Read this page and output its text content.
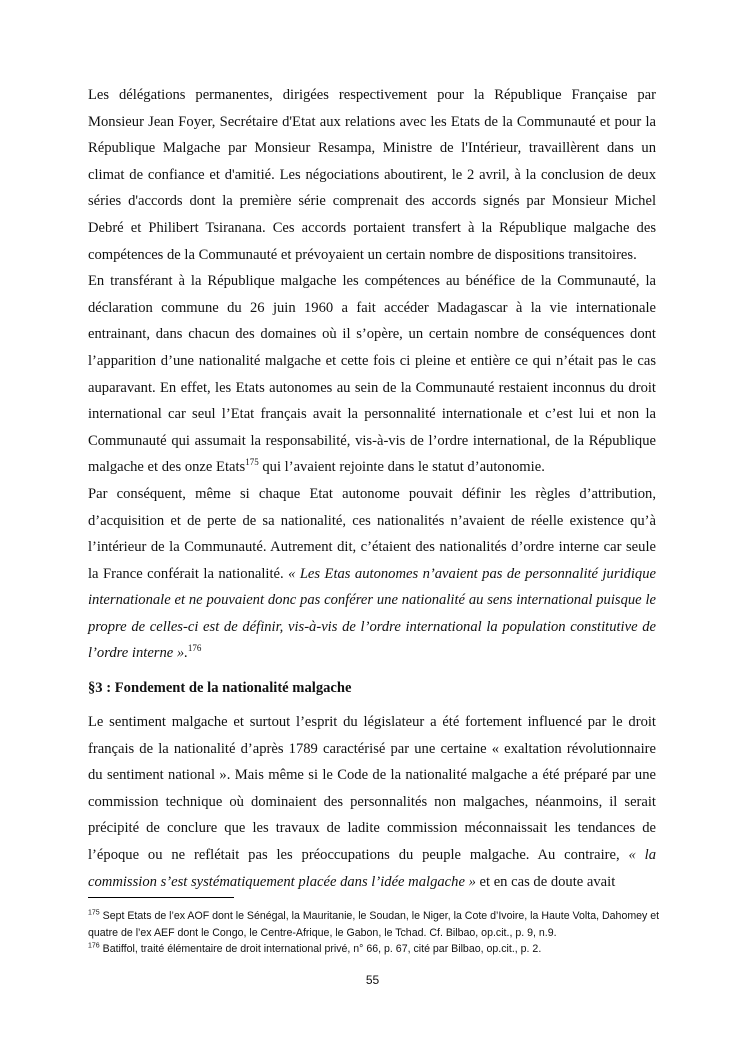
Les délégations permanentes, dirigées respectivement pour la République Française par Monsieur Jean Foyer, Secrétaire d'Etat aux relations avec les Etats de la Communauté et pour la République Malgache par Monsieur Resampa, Ministre de l'Intérieur, travaillèrent dans un climat de confiance et d'amitié. Les négociations aboutirent, le 2 avril, à la conclusion de deux séries d'accords dont la première série comprenait des accords signés par Monsieur Michel Debré et Philibert Tsiranana. Ces accords portaient transfert à la République malgache des compétences de la Communauté et prévoyaient un certain nombre de dispositions transitoires.

En transférant à la République malgache les compétences au bénéfice de la Communauté, la déclaration commune du 26 juin 1960 a fait accéder Madagascar à la vie internationale entrainant, dans chacun des domaines où il s’opère, un certain nombre de conséquences dont l’apparition d’une nationalité malgache et cette fois ci pleine et entière ce qui n’était pas le cas auparavant. En effet, les Etats autonomes au sein de la Communauté restaient inconnus du droit international car seul l’Etat français avait la personnalité internationale et c’est lui et non la Communauté qui assumait la responsabilité, vis-à-vis de l’ordre international, de la République malgache et des onze Etats$^{175}$ qui l’avaient rejointe dans le statut d’autonomie.

Par conséquent, même si chaque Etat autonome pouvait définir les règles d’attribution, d’acquisition et de perte de sa nationalité, ces nationalités n’avaient de réelle existence qu’à l’intérieur de la Communauté. Autrement dit, c’étaient des nationalités d’ordre interne car seule la France conférait la nationalité. « Les Etas autonomes n’avaient pas de personnalité juridique internationale et ne pouvaient donc pas conférer une nationalité au sens international puisque le propre de celles-ci est de définir, vis-à-vis de l’ordre international la population constitutive de l’ordre interne ».$^{176}$

§3 : Fondement de la nationalité malgache

Le sentiment malgache et surtout l’esprit du législateur a été fortement influencé par le droit français de la nationalité d’après 1789 caractérisé par une certaine « exaltation révolutionnaire du sentiment national ». Mais même si le Code de la nationalité malgache a été préparé par une commission technique où dominaient des personnalités non malgaches, néanmoins, il serait précipité de conclure que les travaux de ladite commission méconnaissait les tendances de l’époque ou ne reflétait pas les préoccupations du peuple malgache. Au contraire, « la commission s’est systématiquement placée dans l’idée malgache » et en cas de doute avait

$^{175}$ Sept Etats de l’ex AOF dont le Sénégal, la Mauritanie, le Soudan, le Niger, la Cote d’Ivoire, la Haute Volta, Dahomey et quatre de l’ex AEF dont le Congo, le Centre-Afrique, le Gabon, le Tchad. Cf. Bilbao, op.cit., p. 9, n.9.

$^{176}$ Batiffol, traité élémentaire de droit international privé, n° 66, p. 67, cité par Bilbao, op.cit., p. 2.

55
